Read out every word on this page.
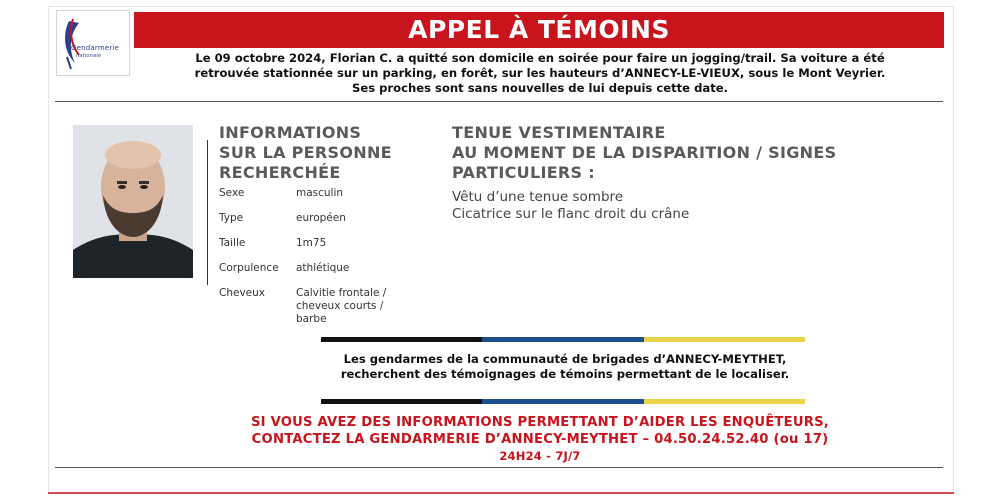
Gendarmerie
nationale
APPEL À TÉMOINS
Le 09 octobre 2024, Florian C. a quitté son domicile en soirée pour faire un jogging/trail. Sa voiture a été
retrouvée stationnée sur un parking, en forêt, sur les hauteurs d’ANNECY-LE-VIEUX, sous le Mont Veyrier.
Ses proches sont sans nouvelles de lui depuis cette date.
INFORMATIONS
SUR LA PERSONNE
RECHERCHÉE
Sexe	masculin
Type	européen
Taille	1m75
Corpulence	athlétique
Cheveux	Calvitie frontale / cheveux courts / barbe
TENUE VESTIMENTAIRE
AU MOMENT DE LA DISPARITION / SIGNES
PARTICULIERS :
Vêtu d’une tenue sombre
Cicatrice sur le flanc droit du crâne
Les gendarmes de la communauté de brigades d’ANNECY-MEYTHET,
recherchent des témoignages de témoins permettant de le localiser.
SI VOUS AVEZ DES INFORMATIONS PERMETTANT D’AIDER LES ENQUÊTEURS,
CONTACTEZ LA GENDARMERIE D’ANNECY-MEYTHET – 04.50.24.52.40 (ou 17)
24H24 - 7J/7
